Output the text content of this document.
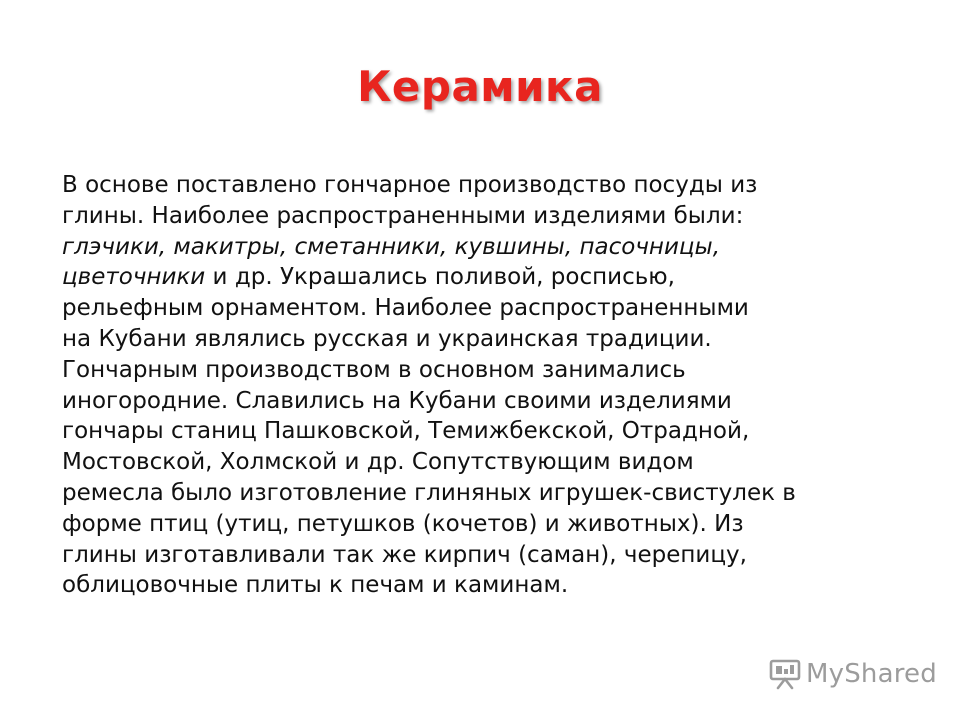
Керамика

В основе поставлено гончарное производство посуды из
глины. Наиболее распространенными изделиями были:
глэчики, макитры, сметанники, кувшины, пасочницы,
цветочники и др. Украшались поливой, росписью,
рельефным орнаментом. Наиболее распространенными
на Кубани являлись русская и украинская традиции.
Гончарным производством в основном занимались
иногородние. Славились на Кубани своими изделиями
гончары станиц Пашковской, Темижбекской, Отрадной,
Мостовской, Холмской и др. Сопутствующим видом
ремесла было изготовление глиняных игрушек-свистулек в
форме птиц (утиц, петушков (кочетов) и животных). Из
глины изготавливали так же кирпич (саман), черепицу,
облицовочные плиты к печам и каминам.

MyShared
